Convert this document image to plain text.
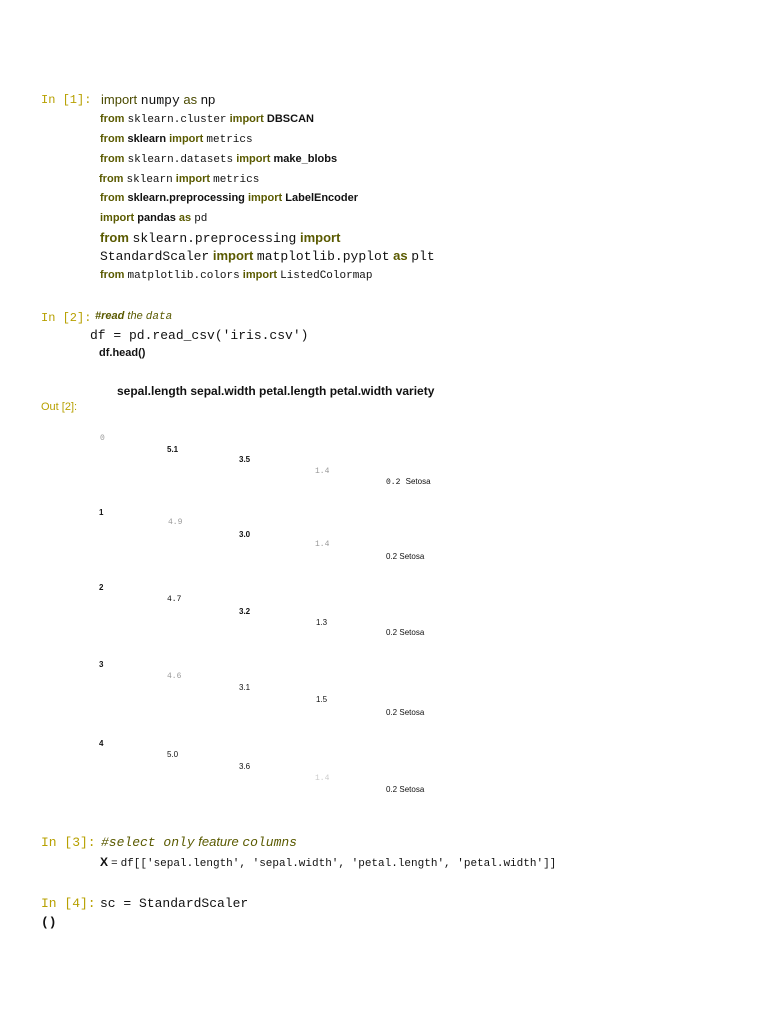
In [1]: import numpy as np
from sklearn.cluster import DBSCAN
from sklearn import metrics
from sklearn.datasets import make_blobs
from sklearn import metrics
from sklearn.preprocessing import LabelEncoder
import pandas as pd
from sklearn.preprocessing import
StandardScaler import matplotlib.pyplot as plt
from matplotlib.colors import ListedColormap
In [2]: #read the data
df = pd.read_csv('iris.csv')
df.head()
sepal.length sepal.width petal.length petal.width variety
Out [2]:
0
5.1
3.5
1.4
0.2 Setosa
1
4.9
3.0
1.4
0.2 Setosa
2
4.7
3.2
1.3
0.2 Setosa
3
4.6
3.1
1.5
0.2 Setosa
4
5.0
3.6
1.4
0.2 Setosa
In [3]: #select only feature columns
X = df[['sepal.length', 'sepal.width', 'petal.length', 'petal.width']]
In [4]: sc = StandardScaler
()
